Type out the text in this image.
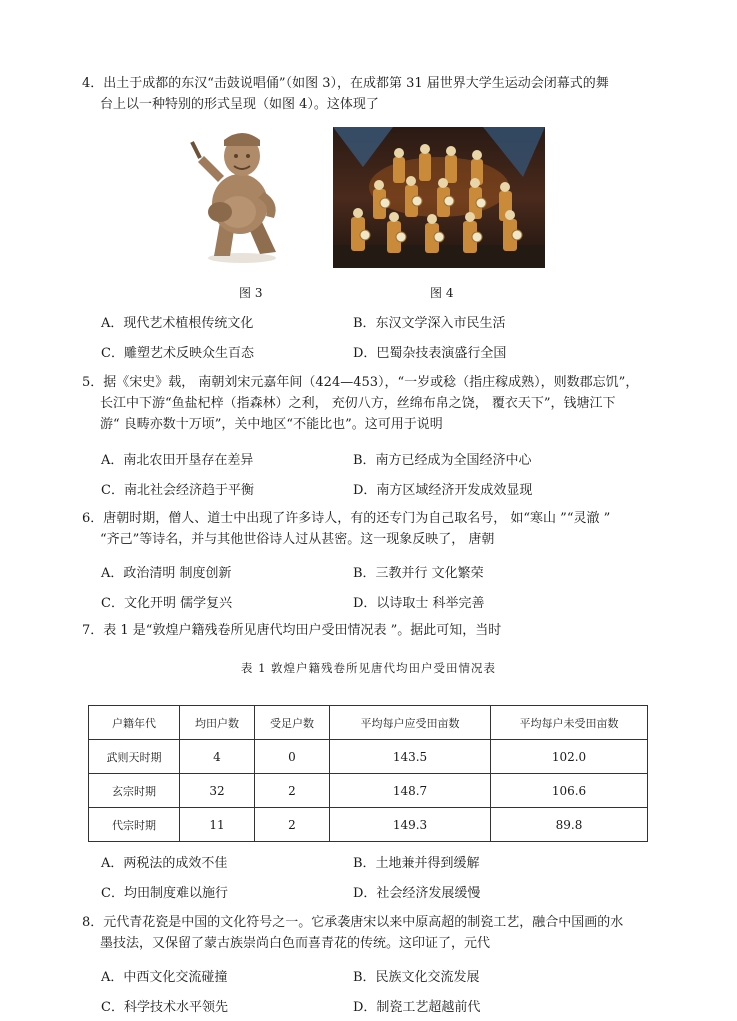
4．出土于成都的东汉“击鼓说唱俑”（如图 3），在成都第 31 届世界大学生运动会闭幕式的舞
台上以一种特别的形式呈现（如图 4）。这体现了
图 3	图 4
A．现代艺术植根传统文化	B．东汉文学深入市民生活
C．雕塑艺术反映众生百态	D．巴蜀杂技表演盛行全国
5．据《宋史》载， 南朝刘宋元嘉年间（424—453），“一岁或稔（指庄稼成熟），则数郡忘饥”，
长江中下游“鱼盐杞梓（指森林）之利， 充仞八方，丝绵布帛之饶， 覆衣天下”，钱塘江下
游“ 良畴亦数十万顷”，关中地区“不能比也”。这可用于说明
A．南北农田开垦存在差异	B．南方已经成为全国经济中心
C．南北社会经济趋于平衡	D．南方区域经济开发成效显现
6．唐朝时期，僧人、道士中出现了许多诗人，有的还专门为自己取名号， 如“寒山 ”“灵澈 ”
“齐己”等诗名，并与其他世俗诗人过从甚密。这一现象反映了， 唐朝
A．政治清明 制度创新	B．三教并行 文化繁荣
C．文化开明 儒学复兴	D．以诗取士 科举完善
7．表 1 是“敦煌户籍残卷所见唐代均田户受田情况表 ”。据此可知，当时
表 1 敦煌户籍残卷所见唐代均田户受田情况表
户籍年代	均田户数	受足户数	平均每户应受田亩数	平均每户未受田亩数
武则天时期	4	0	143.5	102.0
玄宗时期	32	2	148.7	106.6
代宗时期	11	2	149.3	89.8
A．两税法的成效不佳	B．土地兼并得到缓解
C．均田制度难以施行	D．社会经济发展缓慢
8．元代青花瓷是中国的文化符号之一。它承袭唐宋以来中原高超的制瓷工艺，融合中国画的水
墨技法，又保留了蒙古族崇尚白色而喜青花的传统。这印证了，元代
A．中西文化交流碰撞	B．民族文化交流发展
C．科学技术水平领先	D．制瓷工艺超越前代
